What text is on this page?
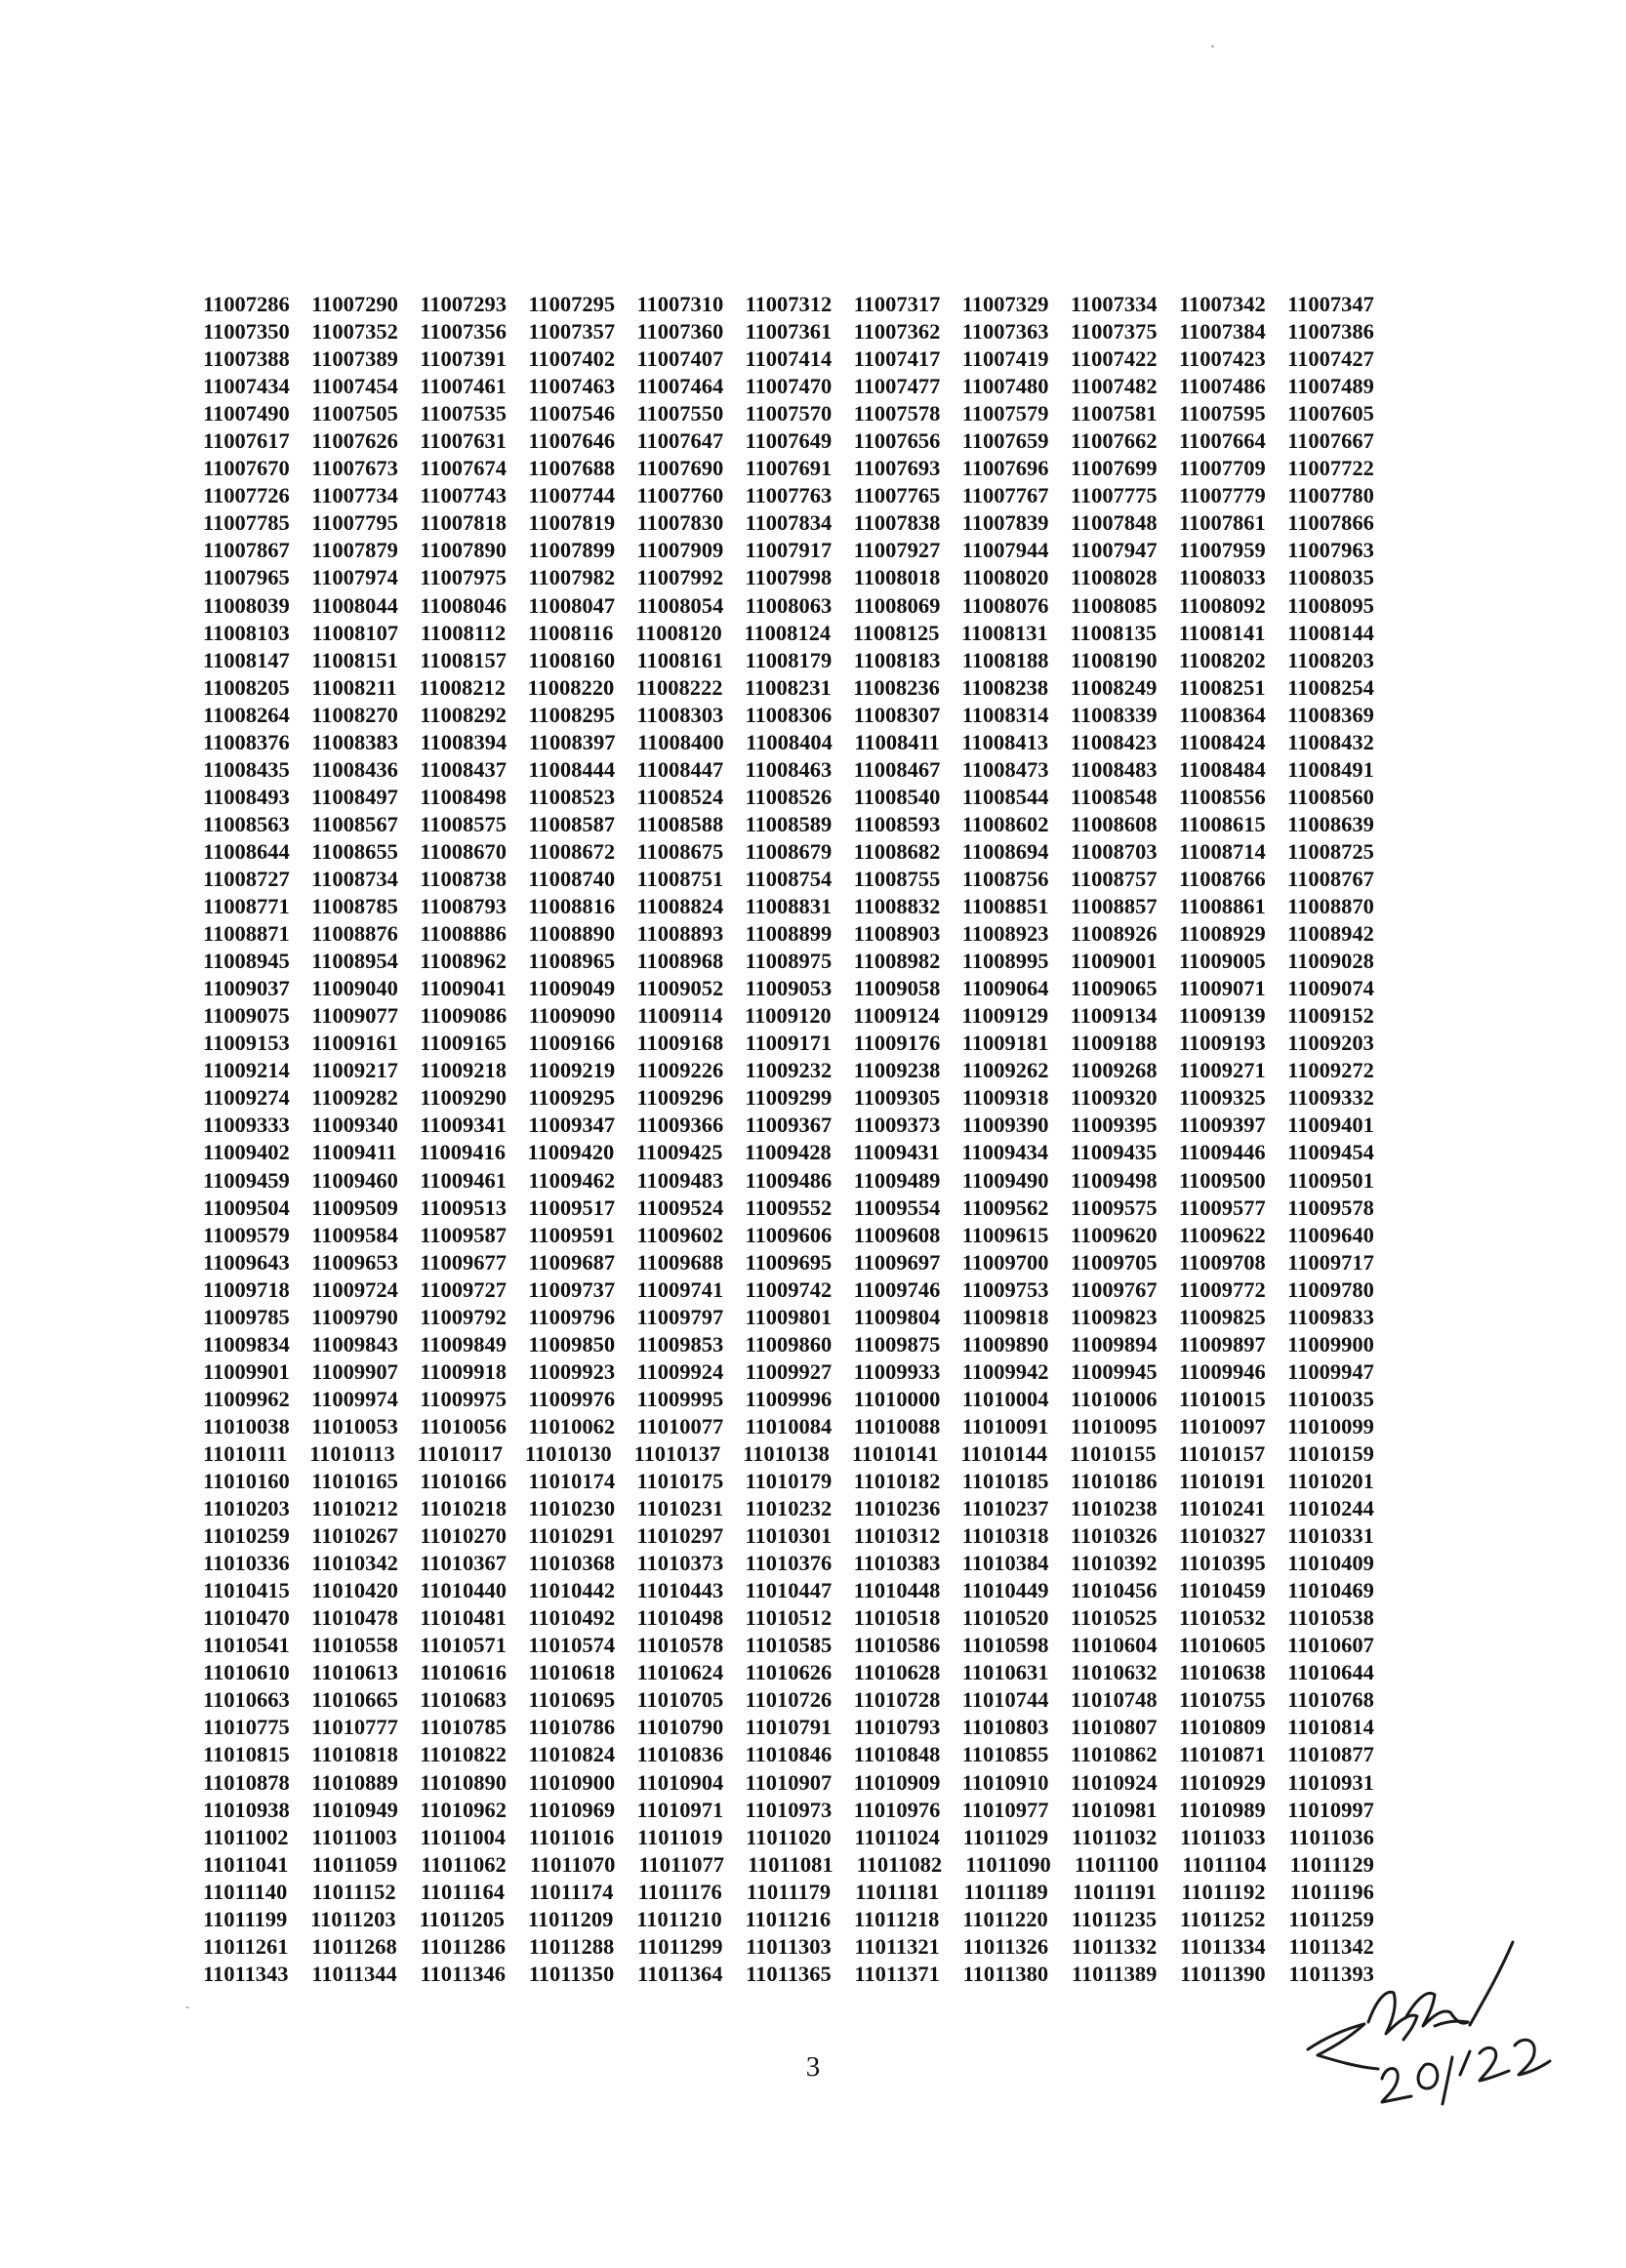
11007286 11007290 11007293 11007295 11007310 11007312 11007317 11007329 11007334 11007342 11007347
11007350 11007352 11007356 11007357 11007360 11007361 11007362 11007363 11007375 11007384 11007386
11007388 11007389 11007391 11007402 11007407 11007414 11007417 11007419 11007422 11007423 11007427
11007434 11007454 11007461 11007463 11007464 11007470 11007477 11007480 11007482 11007486 11007489
11007490 11007505 11007535 11007546 11007550 11007570 11007578 11007579 11007581 11007595 11007605
11007617 11007626 11007631 11007646 11007647 11007649 11007656 11007659 11007662 11007664 11007667
11007670 11007673 11007674 11007688 11007690 11007691 11007693 11007696 11007699 11007709 11007722
11007726 11007734 11007743 11007744 11007760 11007763 11007765 11007767 11007775 11007779 11007780
11007785 11007795 11007818 11007819 11007830 11007834 11007838 11007839 11007848 11007861 11007866
11007867 11007879 11007890 11007899 11007909 11007917 11007927 11007944 11007947 11007959 11007963
11007965 11007974 11007975 11007982 11007992 11007998 11008018 11008020 11008028 11008033 11008035
11008039 11008044 11008046 11008047 11008054 11008063 11008069 11008076 11008085 11008092 11008095
11008103 11008107 11008112 11008116 11008120 11008124 11008125 11008131 11008135 11008141 11008144
11008147 11008151 11008157 11008160 11008161 11008179 11008183 11008188 11008190 11008202 11008203
11008205 11008211 11008212 11008220 11008222 11008231 11008236 11008238 11008249 11008251 11008254
11008264 11008270 11008292 11008295 11008303 11008306 11008307 11008314 11008339 11008364 11008369
11008376 11008383 11008394 11008397 11008400 11008404 11008411 11008413 11008423 11008424 11008432
11008435 11008436 11008437 11008444 11008447 11008463 11008467 11008473 11008483 11008484 11008491
11008493 11008497 11008498 11008523 11008524 11008526 11008540 11008544 11008548 11008556 11008560
11008563 11008567 11008575 11008587 11008588 11008589 11008593 11008602 11008608 11008615 11008639
11008644 11008655 11008670 11008672 11008675 11008679 11008682 11008694 11008703 11008714 11008725
11008727 11008734 11008738 11008740 11008751 11008754 11008755 11008756 11008757 11008766 11008767
11008771 11008785 11008793 11008816 11008824 11008831 11008832 11008851 11008857 11008861 11008870
11008871 11008876 11008886 11008890 11008893 11008899 11008903 11008923 11008926 11008929 11008942
11008945 11008954 11008962 11008965 11008968 11008975 11008982 11008995 11009001 11009005 11009028
11009037 11009040 11009041 11009049 11009052 11009053 11009058 11009064 11009065 11009071 11009074
11009075 11009077 11009086 11009090 11009114 11009120 11009124 11009129 11009134 11009139 11009152
11009153 11009161 11009165 11009166 11009168 11009171 11009176 11009181 11009188 11009193 11009203
11009214 11009217 11009218 11009219 11009226 11009232 11009238 11009262 11009268 11009271 11009272
11009274 11009282 11009290 11009295 11009296 11009299 11009305 11009318 11009320 11009325 11009332
11009333 11009340 11009341 11009347 11009366 11009367 11009373 11009390 11009395 11009397 11009401
11009402 11009411 11009416 11009420 11009425 11009428 11009431 11009434 11009435 11009446 11009454
11009459 11009460 11009461 11009462 11009483 11009486 11009489 11009490 11009498 11009500 11009501
11009504 11009509 11009513 11009517 11009524 11009552 11009554 11009562 11009575 11009577 11009578
11009579 11009584 11009587 11009591 11009602 11009606 11009608 11009615 11009620 11009622 11009640
11009643 11009653 11009677 11009687 11009688 11009695 11009697 11009700 11009705 11009708 11009717
11009718 11009724 11009727 11009737 11009741 11009742 11009746 11009753 11009767 11009772 11009780
11009785 11009790 11009792 11009796 11009797 11009801 11009804 11009818 11009823 11009825 11009833
11009834 11009843 11009849 11009850 11009853 11009860 11009875 11009890 11009894 11009897 11009900
11009901 11009907 11009918 11009923 11009924 11009927 11009933 11009942 11009945 11009946 11009947
11009962 11009974 11009975 11009976 11009995 11009996 11010000 11010004 11010006 11010015 11010035
11010038 11010053 11010056 11010062 11010077 11010084 11010088 11010091 11010095 11010097 11010099
11010111 11010113 11010117 11010130 11010137 11010138 11010141 11010144 11010155 11010157 11010159
11010160 11010165 11010166 11010174 11010175 11010179 11010182 11010185 11010186 11010191 11010201
11010203 11010212 11010218 11010230 11010231 11010232 11010236 11010237 11010238 11010241 11010244
11010259 11010267 11010270 11010291 11010297 11010301 11010312 11010318 11010326 11010327 11010331
11010336 11010342 11010367 11010368 11010373 11010376 11010383 11010384 11010392 11010395 11010409
11010415 11010420 11010440 11010442 11010443 11010447 11010448 11010449 11010456 11010459 11010469
11010470 11010478 11010481 11010492 11010498 11010512 11010518 11010520 11010525 11010532 11010538
11010541 11010558 11010571 11010574 11010578 11010585 11010586 11010598 11010604 11010605 11010607
11010610 11010613 11010616 11010618 11010624 11010626 11010628 11010631 11010632 11010638 11010644
11010663 11010665 11010683 11010695 11010705 11010726 11010728 11010744 11010748 11010755 11010768
11010775 11010777 11010785 11010786 11010790 11010791 11010793 11010803 11010807 11010809 11010814
11010815 11010818 11010822 11010824 11010836 11010846 11010848 11010855 11010862 11010871 11010877
11010878 11010889 11010890 11010900 11010904 11010907 11010909 11010910 11010924 11010929 11010931
11010938 11010949 11010962 11010969 11010971 11010973 11010976 11010977 11010981 11010989 11010997
11011002 11011003 11011004 11011016 11011019 11011020 11011024 11011029 11011032 11011033 11011036
11011041 11011059 11011062 11011070 11011077 11011081 11011082 11011090 11011100 11011104 11011129
11011140 11011152 11011164 11011174 11011176 11011179 11011181 11011189 11011191 11011192 11011196
11011199 11011203 11011205 11011209 11011210 11011216 11011218 11011220 11011235 11011252 11011259
11011261 11011268 11011286 11011288 11011299 11011303 11011321 11011326 11011332 11011334 11011342
11011343 11011344 11011346 11011350 11011364 11011365 11011371 11011380 11011389 11011390 11011393
3
